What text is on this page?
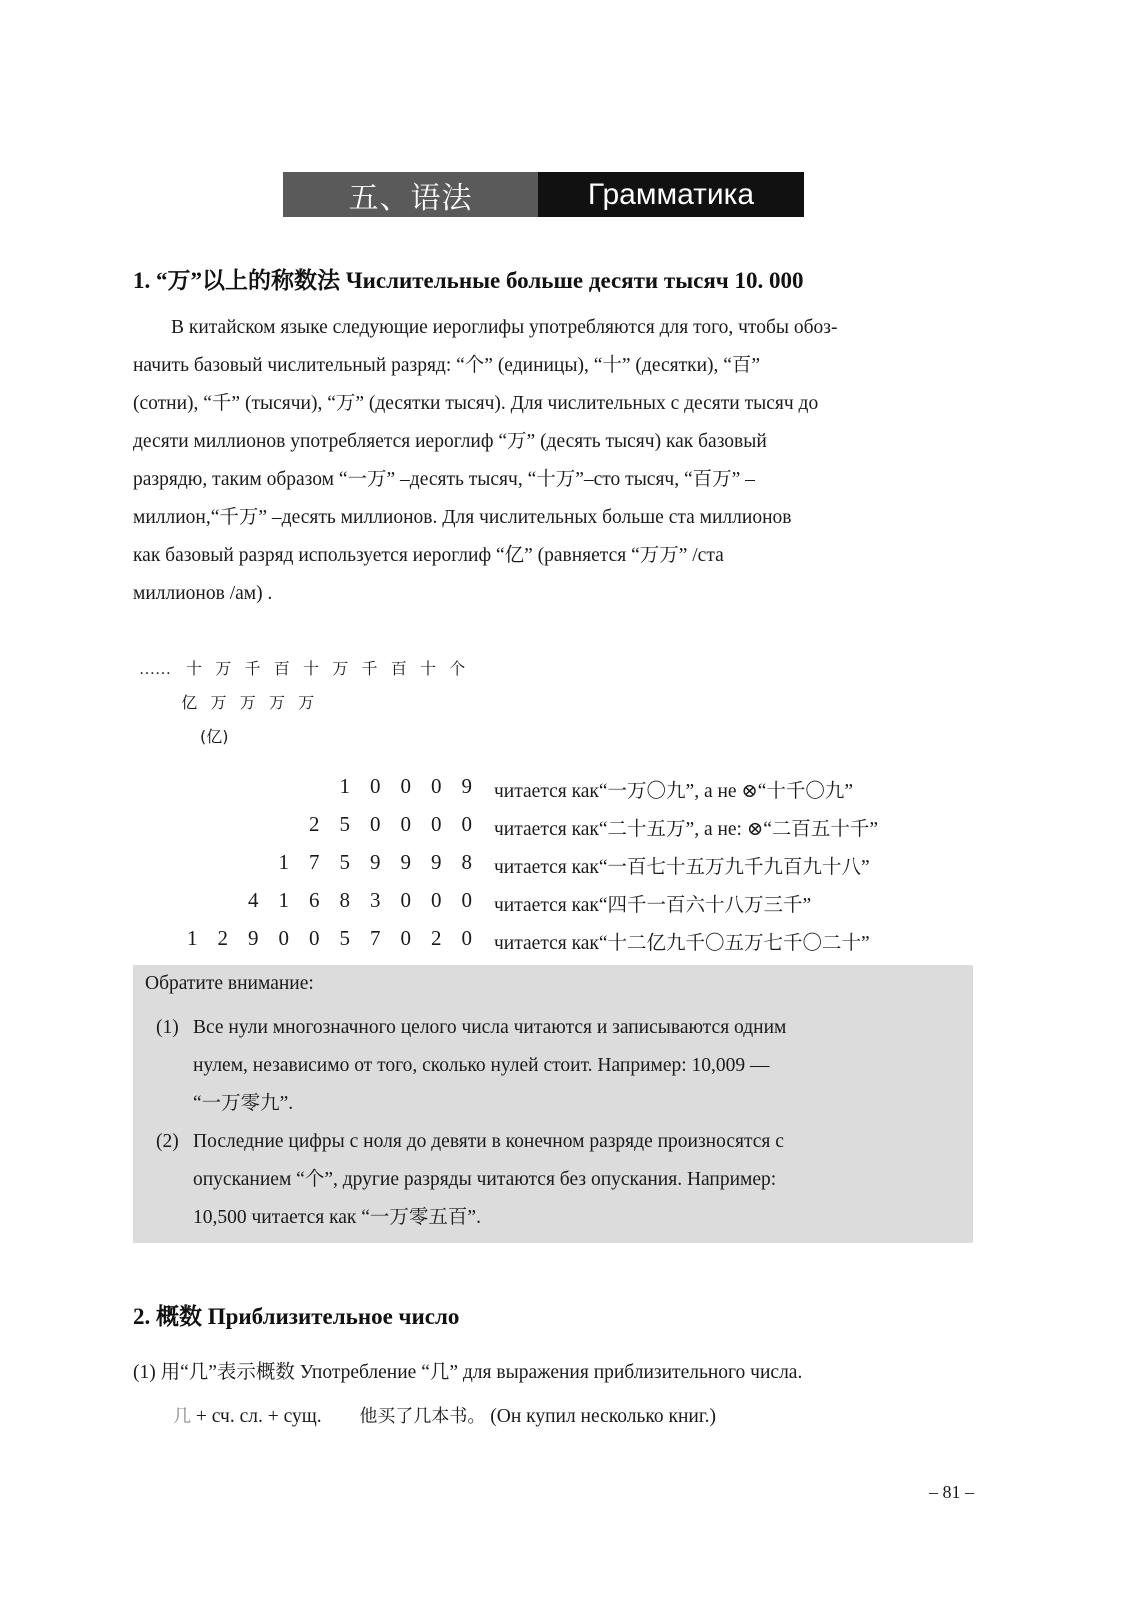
五、语法	Грамматика
1. “万”以上的称数法 Числительные больше десяти тысяч 10. 000

В китайском языке следующие иероглифы употребляются для того, чтобы обоз-

начить базовый числительный разряд: “个” (единицы), “十” (десятки), “百”

(сотни), “千” (тысячи), “万” (десятки тысяч). Для числительных с десяти тысяч до

десяти миллионов употребляется иероглиф “万” (десять тысяч) как базовый

разрядю, таким образом “一万” –десять тысяч, “十万”–сто тысяч, “百万” –

миллион,“千万” –десять миллионов. Для числительных больше ста миллионов

как базовый разряд используется иероглиф “亿” (равняется “万万” /ста

миллионов /ам) .

…… 十 万 千 百 十 万 千 百 十 个
亿 万 万 万 万
(亿)
1 0 0 0 9	читается как“一万〇九”, а не ⊗“十千〇九”
2 5 0 0 0 0	читается как“二十五万”, а не: ⊗“二百五十千”
1 7 5 9 9 9 8	читается как“一百七十五万九千九百九十八”
4 1 6 8 3 0 0 0	читается как“四千一百六十八万三千”
1 2 9 0 0 5 7 0 2 0	читается как“十二亿九千〇五万七千〇二十”
Обратите внимание:
(1) Все нули многозначного целого числа читаются и записываются одним

нулем, независимо от того, сколько нулей стоит. Например: 10,009 —

“一万零九”.

(2) Последние цифры с ноля до девяти в конечном разряде произносятся с

опусканием “个”, другие разряды читаются без опускания. Например:

10,500 читается как “一万零五百”.

2. 概数 Приблизительное число
(1) 用“几”表示概数 Употребление “几” для выражения приблизительного числа.
几 + сч. сл. + сущ. 他买了几本书。 (Он купил несколько книг.)
– 81 –
